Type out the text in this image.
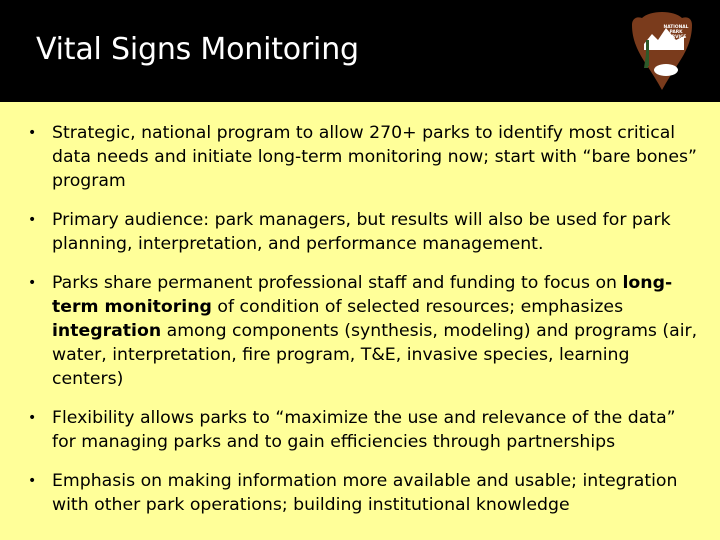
Vital Signs Monitoring
NATIONAL
PARK
SERVICE
• Strategic, national program to allow 270+ parks to identify most critical data needs and initiate long-term monitoring now; start with “bare bones” program
• Primary audience: park managers, but results will also be used for park planning, interpretation, and performance management.
• Parks share permanent professional staff and funding to focus on long-term monitoring of condition of selected resources; emphasizes integration among components (synthesis, modeling) and programs (air, water, interpretation, fire program, T&E, invasive species, learning centers)
• Flexibility allows parks to “maximize the use and relevance of the data” for managing parks and to gain efficiencies through partnerships
• Emphasis on making information more available and usable; integration with other park operations; building institutional knowledge
